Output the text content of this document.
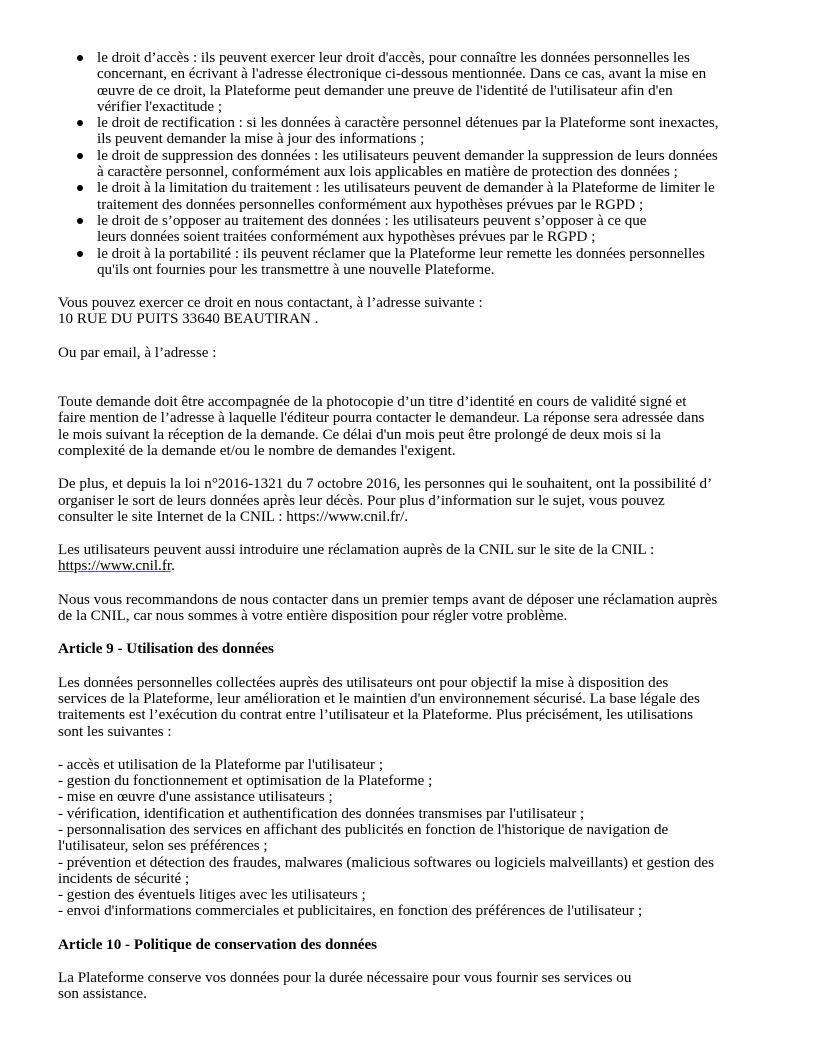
le droit d’accès : ils peuvent exercer leur droit d'accès, pour connaître les données personnelles les
concernant, en écrivant à l'adresse électronique ci-dessous mentionnée. Dans ce cas, avant la mise en
œuvre de ce droit, la Plateforme peut demander une preuve de l'identité de l'utilisateur afin d'en
vérifier l'exactitude ;
le droit de rectification : si les données à caractère personnel détenues par la Plateforme sont inexactes,
ils peuvent demander la mise à jour des informations ;
le droit de suppression des données : les utilisateurs peuvent demander la suppression de leurs données
à caractère personnel, conformément aux lois applicables en matière de protection des données ;
le droit à la limitation du traitement : les utilisateurs peuvent de demander à la Plateforme de limiter le
traitement des données personnelles conformément aux hypothèses prévues par le RGPD ;
le droit de s’opposer au traitement des données : les utilisateurs peuvent s’opposer à ce que
leurs données soient traitées conformément aux hypothèses prévues par le RGPD ;
le droit à la portabilité : ils peuvent réclamer que la Plateforme leur remette les données personnelles
qu'ils ont fournies pour les transmettre à une nouvelle Plateforme.

Vous pouvez exercer ce droit en nous contactant, à l’adresse suivante :
10 RUE DU PUITS 33640 BEAUTIRAN .

Ou par email, à l’adresse :

Toute demande doit être accompagnée de la photocopie d’un titre d’identité en cours de validité signé et
faire mention de l’adresse à laquelle l'éditeur pourra contacter le demandeur. La réponse sera adressée dans
le mois suivant la réception de la demande. Ce délai d'un mois peut être prolongé de deux mois si la
complexité de la demande et/ou le nombre de demandes l'exigent.

De plus, et depuis la loi n°2016-1321 du 7 octobre 2016, les personnes qui le souhaitent, ont la possibilité d’
organiser le sort de leurs données après leur décès. Pour plus d’information sur le sujet, vous pouvez
consulter le site Internet de la CNIL : https://www.cnil.fr/.

Les utilisateurs peuvent aussi introduire une réclamation auprès de la CNIL sur le site de la CNIL :
https://www.cnil.fr.

Nous vous recommandons de nous contacter dans un premier temps avant de déposer une réclamation auprès
de la CNIL, car nous sommes à votre entière disposition pour régler votre problème.

Article 9 - Utilisation des données

Les données personnelles collectées auprès des utilisateurs ont pour objectif la mise à disposition des
services de la Plateforme, leur amélioration et le maintien d'un environnement sécurisé. La base légale des
traitements est l’exécution du contrat entre l’utilisateur et la Plateforme. Plus précisément, les utilisations
sont les suivantes :

- accès et utilisation de la Plateforme par l'utilisateur ;
- gestion du fonctionnement et optimisation de la Plateforme ;
- mise en œuvre d'une assistance utilisateurs ;
- vérification, identification et authentification des données transmises par l'utilisateur ;
- personnalisation des services en affichant des publicités en fonction de l'historique de navigation de
l'utilisateur, selon ses préférences ;
- prévention et détection des fraudes, malwares (malicious softwares ou logiciels malveillants) et gestion des
incidents de sécurité ;
- gestion des éventuels litiges avec les utilisateurs ;
- envoi d'informations commerciales et publicitaires, en fonction des préférences de l'utilisateur ;

Article 10 - Politique de conservation des données

La Plateforme conserve vos données pour la durée nécessaire pour vous fournir ses services ou
son assistance.
